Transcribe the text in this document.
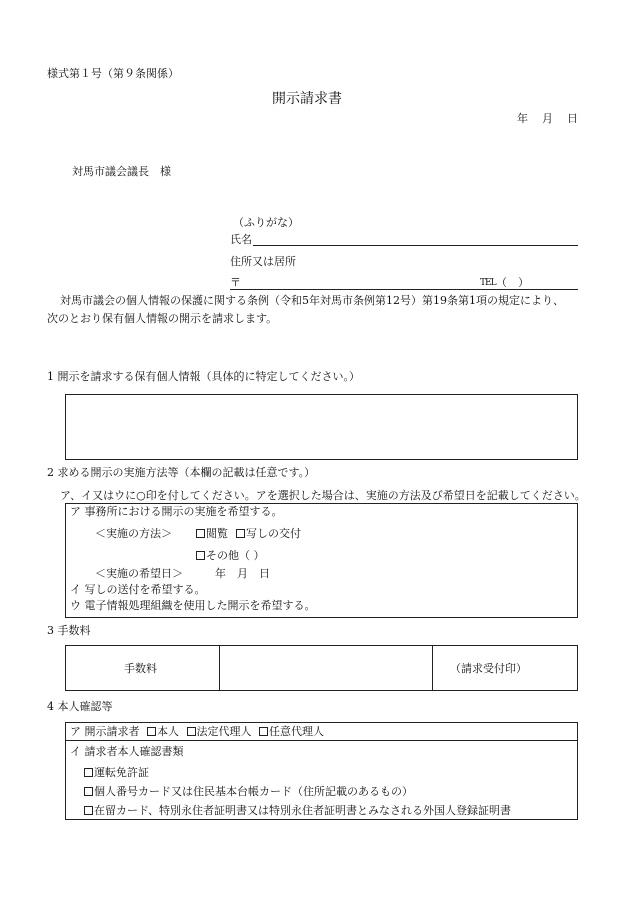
様式第１号（第９条関係）
開示請求書
年 月 日
対馬市議会議長　様
（ふりがな）
氏名
住所又は居所
〒	TEL （　）
対馬市議会の個人情報の保護に関する条例（令和5年対馬市条例第12号）第19条第1項の規定により、
次のとおり保有個人情報の開示を請求します。
1 開示を請求する保有個人情報（具体的に特定してください。）
2 求める開示の実施方法等（本欄の記載は任意です。）
ア、イ又はウに○印を付してください。アを選択した場合は、実施の方法及び希望日を記載してください。
ア 事務所における開示の実施を希望する。
＜実施の方法＞	閲覧	写しの交付
その他（ ）
＜実施の希望日＞	年　月　日
イ 写しの送付を希望する。
ウ 電子情報処理組織を使用した開示を希望する。
3 手数料
手数料	（請求受付印）
4 本人確認等
ア 開示請求者 本人 法定代理人 任意代理人
イ 請求者本人確認書類
運転免許証
個人番号カード又は住民基本台帳カード（住所記載のあるもの）
在留カード、特別永住者証明書又は特別永住者証明書とみなされる外国人登録証明書
